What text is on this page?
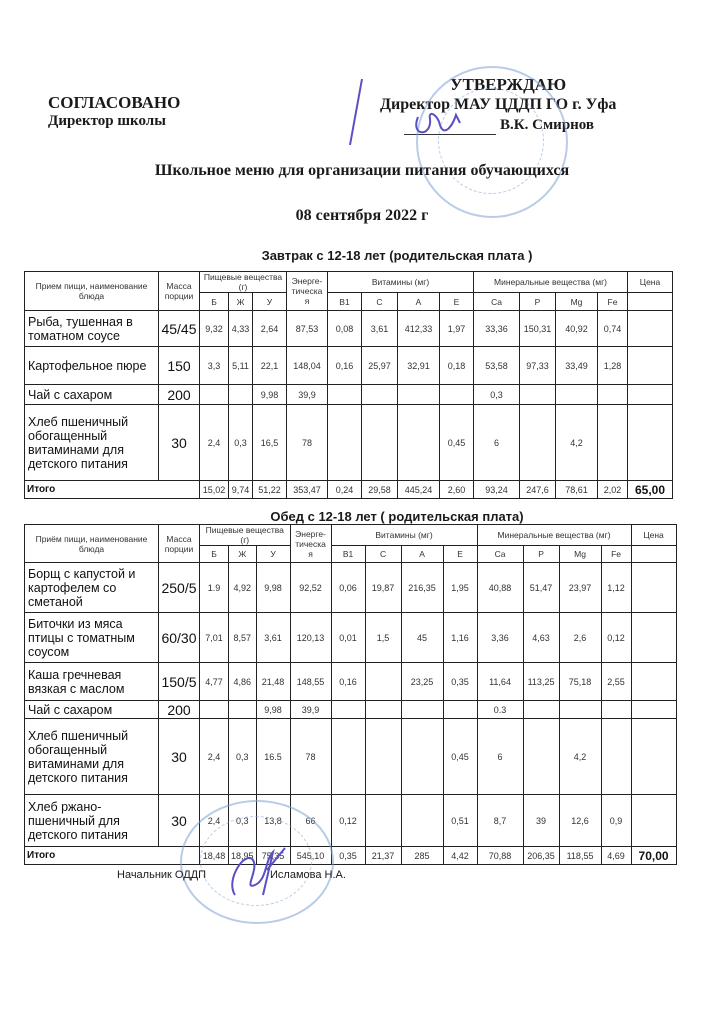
СОГЛАСОВАНО
Директор школы
УТВЕРЖДАЮ
Директор МАУ ЦДДП ГО г. Уфа
В.К. Смирнов
Школьное меню для организации питания обучающихся
08 сентября 2022 г
Завтрак с 12-18 лет (родительская плата )
Прием пищи, наименование блюда	Масса порции	Пищевые вещества (г)			Энерге-тическа я	Витамины (мг)				Минеральные вещества (мг)				Цена
		Б	Ж	У		B1	C	A	E	Ca	P	Mg	Fe	
Рыба, тушенная в томатном соусе	45/45	9,32	4,33	2,64	87,53	0,08	3,61	412,33	1,97	33,36	150,31	40,92	0,74	
Картофельное пюре	150	3,3	5,11	22,1	148,04	0,16	25,97	32,91	0,18	53,58	97,33	33,49	1,28	
Чай с сахаром	200			9,98	39,9					0,3				
Хлеб пшеничный обогащенный витаминами для детского питания	30	2,4	0,3	16,5	78				0,45	6		4,2		
Итого		15,02	9,74	51,22	353,47	0,24	29,58	445,24	2,60	93,24	247,6	78,61	2,02	65,00
Обед с 12-18 лет ( родительская плата)
Приём пищи, наименование блюда	Масса порции	Пищевые вещества (г)			Энерге-тическа я	Витамины (мг)				Минеральные вещества (мг)				Цена
		Б	Ж	У		B1	C	A	E	Ca	P	Mg	Fe	
Борщ с капустой и картофелем со сметаной	250/5	1.9	4,92	9,98	92,52	0,06	19,87	216,35	1,95	40,88	51,47	23,97	1,12	
Биточки из мяса птицы с томатным соусом	60/30	7,01	8,57	3,61	120,13	0,01	1,5	45	1,16	3,36	4,63	2,6	0,12	
Каша гречневая вязкая с маслом	150/5	4,77	4,86	21,48	148,55	0,16		23,25	0,35	11,64	113,25	75,18	2,55	
Чай с сахаром	200			9,98	39,9					0.3				
Хлеб пшеничный обогащенный витаминами для детского питания	30	2,4	0,3	16.5	78				0,45	6		4,2		
Хлеб ржано-пшеничный для детского питания	30	2,4	0,3	13,8	66	0,12			0,51	8,7	39	12,6	0,9	
Итого		18,48	18,95	75,35	545,10	0,35	21,37	285	4,42	70,88	206,35	118,55	4,69	70,00
Начальник ОДДП	Исламова Н.А.
